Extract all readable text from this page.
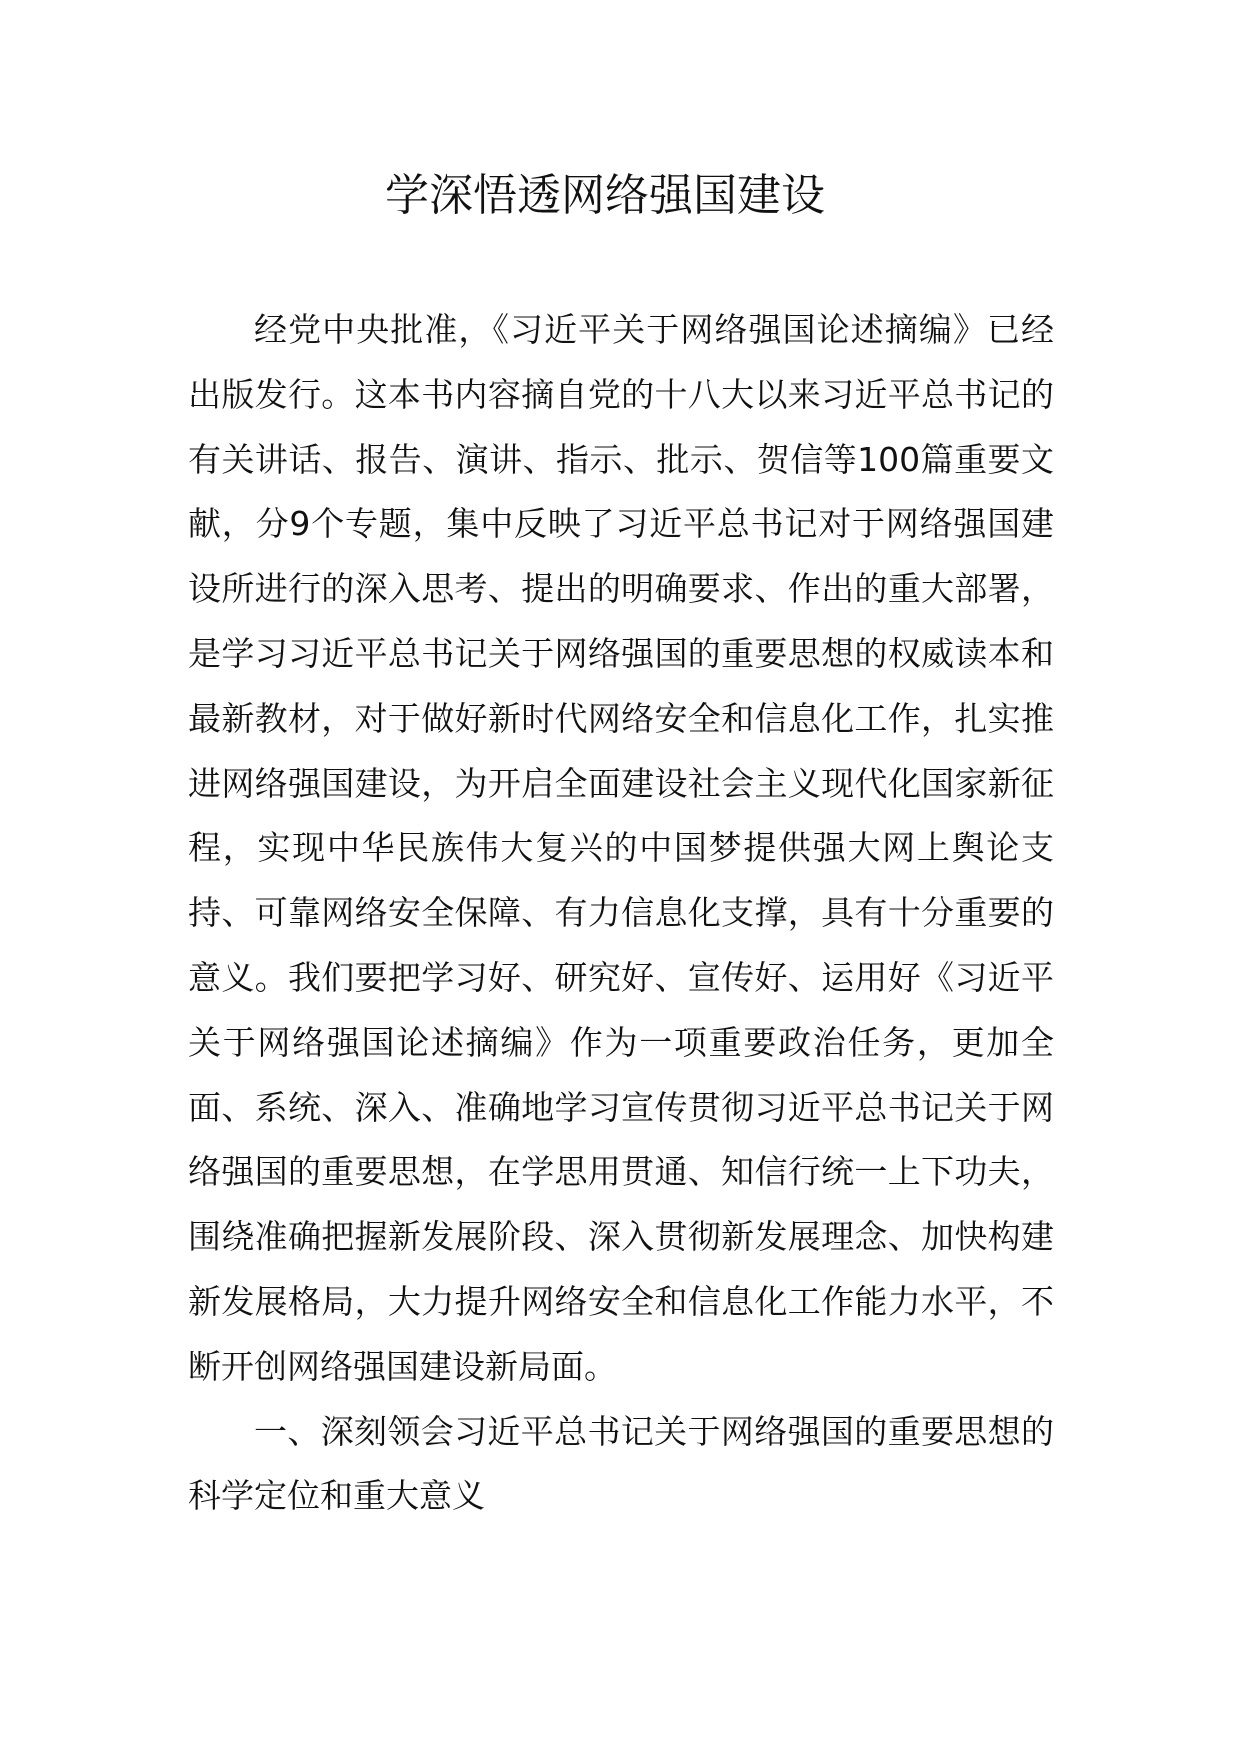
学深悟透网络强国建设

经党中央批准，《习近平关于网络强国论述摘编》已经出版发行。这本书内容摘自党的十八大以来习近平总书记的有关讲话、报告、演讲、指示、批示、贺信等100篇重要文献，分9个专题，集中反映了习近平总书记对于网络强国建设所进行的深入思考、提出的明确要求、作出的重大部署，是学习习近平总书记关于网络强国的重要思想的权威读本和最新教材，对于做好新时代网络安全和信息化工作，扎实推进网络强国建设，为开启全面建设社会主义现代化国家新征程，实现中华民族伟大复兴的中国梦提供强大网上舆论支持、可靠网络安全保障、有力信息化支撑，具有十分重要的意义。我们要把学习好、研究好、宣传好、运用好《习近平关于网络强国论述摘编》作为一项重要政治任务，更加全面、系统、深入、准确地学习宣传贯彻习近平总书记关于网络强国的重要思想，在学思用贯通、知信行统一上下功夫，围绕准确把握新发展阶段、深入贯彻新发展理念、加快构建新发展格局，大力提升网络安全和信息化工作能力水平，不断开创网络强国建设新局面。

一、深刻领会习近平总书记关于网络强国的重要思想的科学定位和重大意义
